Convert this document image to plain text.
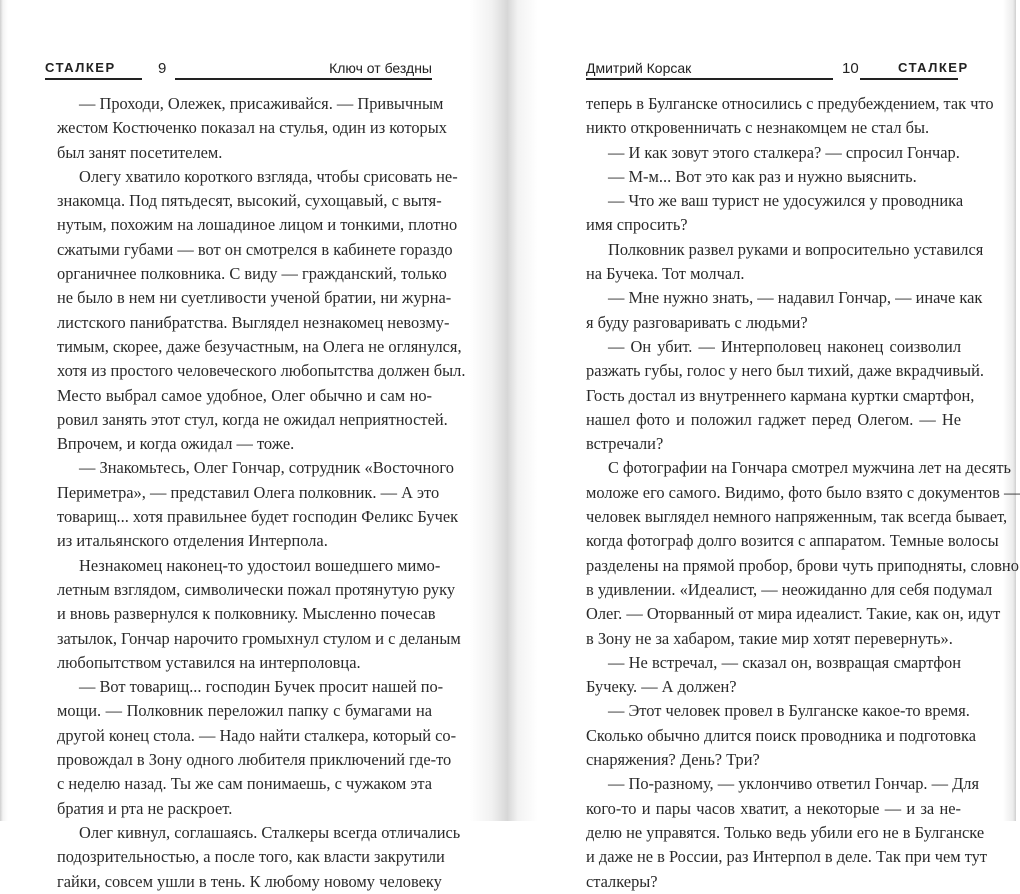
СТАЛКЕР	9	Ключ от бездны
— Проходи, Олежек, присаживайся. — Привычным
жестом Костюченко показал на стулья, один из которых
был занят посетителем.
Олегу хватило короткого взгляда, чтобы срисовать не-
знакомца. Под пятьдесят, высокий, сухощавый, с вытя-
нутым, похожим на лошадиное лицом и тонкими, плотно
сжатыми губами — вот он смотрелся в кабинете гораздо
органичнее полковника. С виду — гражданский, только
не было в нем ни суетливости ученой братии, ни журна-
листского панибратства. Выглядел незнакомец невозму-
тимым, скорее, даже безучастным, на Олега не оглянулся,
хотя из простого человеческого любопытства должен был.
Место выбрал самое удобное, Олег обычно и сам но-
ровил занять этот стул, когда не ожидал неприятностей.
Впрочем, и когда ожидал — тоже.
— Знакомьтесь, Олег Гончар, сотрудник «Восточного
Периметра», — представил Олега полковник. — А это
товарищ... хотя правильнее будет господин Феликс Бучек
из итальянского отделения Интерпола.
Незнакомец наконец-то удостоил вошедшего мимо-
летным взглядом, символически пожал протянутую руку
и вновь развернулся к полковнику. Мысленно почесав
затылок, Гончар нарочито громыхнул стулом и с деланым
любопытством уставился на интерполовца.
— Вот товарищ... господин Бучек просит нашей по-
мощи. — Полковник переложил папку с бумагами на
другой конец стола. — Надо найти сталкера, который со-
провождал в Зону одного любителя приключений где-то
с неделю назад. Ты же сам понимаешь, с чужаком эта
братия и рта не раскроет.
Олег кивнул, соглашаясь. Сталкеры всегда отличались
подозрительностью, а после того, как власти закрутили
гайки, совсем ушли в тень. К любому новому человеку
Дмитрий Корсак	10	СТАЛКЕР
теперь в Булганске относились с предубеждением, так что
никто откровенничать с незнакомцем не стал бы.
— И как зовут этого сталкера? — спросил Гончар.
— М-м... Вот это как раз и нужно выяснить.
— Что же ваш турист не удосужился у проводника
имя спросить?
Полковник развел руками и вопросительно уставился
на Бучека. Тот молчал.
— Мне нужно знать, — надавил Гончар, — иначе как
я буду разговаривать с людьми?
— Он убит. — Интерполовец наконец соизволил
разжать губы, голос у него был тихий, даже вкрадчивый.
Гость достал из внутреннего кармана куртки смартфон,
нашел фото и положил гаджет перед Олегом. — Не
встречали?
С фотографии на Гончара смотрел мужчина лет на десять
моложе его самого. Видимо, фото было взято с документов —
человек выглядел немного напряженным, так всегда бывает,
когда фотограф долго возится с аппаратом. Темные волосы
разделены на прямой пробор, брови чуть приподняты, словно
в удивлении. «Идеалист, — неожиданно для себя подумал
Олег. — Оторванный от мира идеалист. Такие, как он, идут
в Зону не за хабаром, такие мир хотят перевернуть».
— Не встречал, — сказал он, возвращая смартфон
Бучеку. — А должен?
— Этот человек провел в Булганске какое-то время.
Сколько обычно длится поиск проводника и подготовка
снаряжения? День? Три?
— По-разному, — уклончиво ответил Гончар. — Для
кого-то и пары часов хватит, а некоторые — и за не-
делю не управятся. Только ведь убили его не в Булганске
и даже не в России, раз Интерпол в деле. Так при чем тут
сталкеры?
